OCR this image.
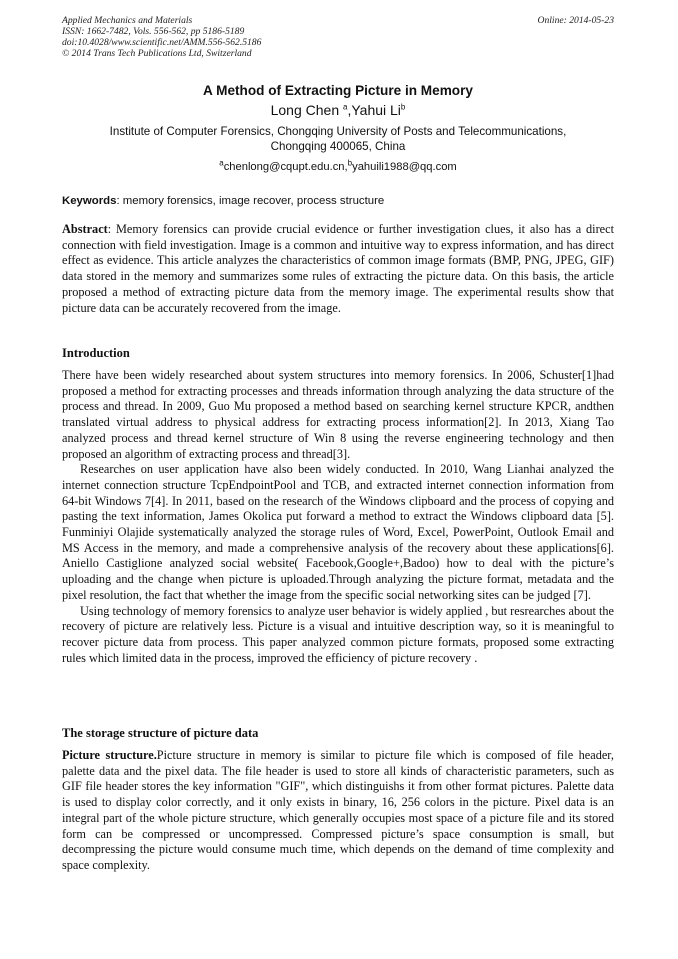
Applied Mechanics and Materials
ISSN: 1662-7482, Vols. 556-562, pp 5186-5189
doi:10.4028/www.scientific.net/AMM.556-562.5186
© 2014 Trans Tech Publications Ltd, Switzerland
Online: 2014-05-23
A Method of Extracting Picture in Memory
Long Chen $^a$,Yahui Li$^b$
Institute of Computer Forensics, Chongqing University of Posts and Telecommunications, Chongqing 400065, China
$^a$chenlong@cqupt.edu.cn,$^b$yahuili1988@qq.com
Keywords: memory forensics, image recover, process structure

Abstract: Memory forensics can provide crucial evidence or further investigation clues, it also has a direct connection with field investigation. Image is a common and intuitive way to express information, and has direct effect as evidence. This article analyzes the characteristics of common image formats (BMP, PNG, JPEG, GIF) data stored in the memory and summarizes some rules of extracting the picture data. On this basis, the article proposed a method of extracting picture data from the memory image. The experimental results show that picture data can be accurately recovered from the image.

Introduction

There have been widely researched about system structures into memory forensics. In 2006, Schuster[1]had proposed a method for extracting processes and threads information through analyzing the data structure of the process and thread. In 2009, Guo Mu proposed a method based on searching kernel structure KPCR, andthen translated virtual address to physical address for extracting process information[2]. In 2013, Xiang Tao analyzed process and thread kernel structure of Win 8 using the reverse engineering technology and then proposed an algorithm of extracting process and thread[3].

Researches on user application have also been widely conducted. In 2010, Wang Lianhai analyzed the internet connection structure TcpEndpointPool and TCB, and extracted internet connection information from 64-bit Windows 7[4]. In 2011, based on the research of the Windows clipboard and the process of copying and pasting the text information, James Okolica put forward a method to extract the Windows clipboard data [5]. Funminiyi Olajide systematically analyzed the storage rules of Word, Excel, PowerPoint, Outlook Email and MS Access in the memory, and made a comprehensive analysis of the recovery about these applications[6]. Aniello Castiglione analyzed social website( Facebook,Google+,Badoo) how to deal with the picture’s uploading and the change when picture is uploaded.Through analyzing the picture format, metadata and the pixel resolution, the fact that whether the image from the specific social networking sites can be judged [7].

Using technology of memory forensics to analyze user behavior is widely applied , but resrearches about the recovery of picture are relatively less. Picture is a visual and intuitive description way, so it is meaningful to recover picture data from process. This paper analyzed common picture formats, proposed some extracting rules which limited data in the process, improved the efficiency of picture recovery .

The storage structure of picture data

Picture structure.Picture structure in memory is similar to picture file which is composed of file header, palette data and the pixel data. The file header is used to store all kinds of characteristic parameters, such as GIF file header stores the key information "GIF", which distinguishs it from other format pictures. Palette data is used to display color correctly, and it only exists in binary, 16, 256 colors in the picture. Pixel data is an integral part of the whole picture structure, which generally occupies most space of a picture file and its stored form can be compressed or uncompressed. Compressed picture’s space consumption is small, but decompressing the picture would consume much time, which depends on the demand of time complexity and space complexity.
